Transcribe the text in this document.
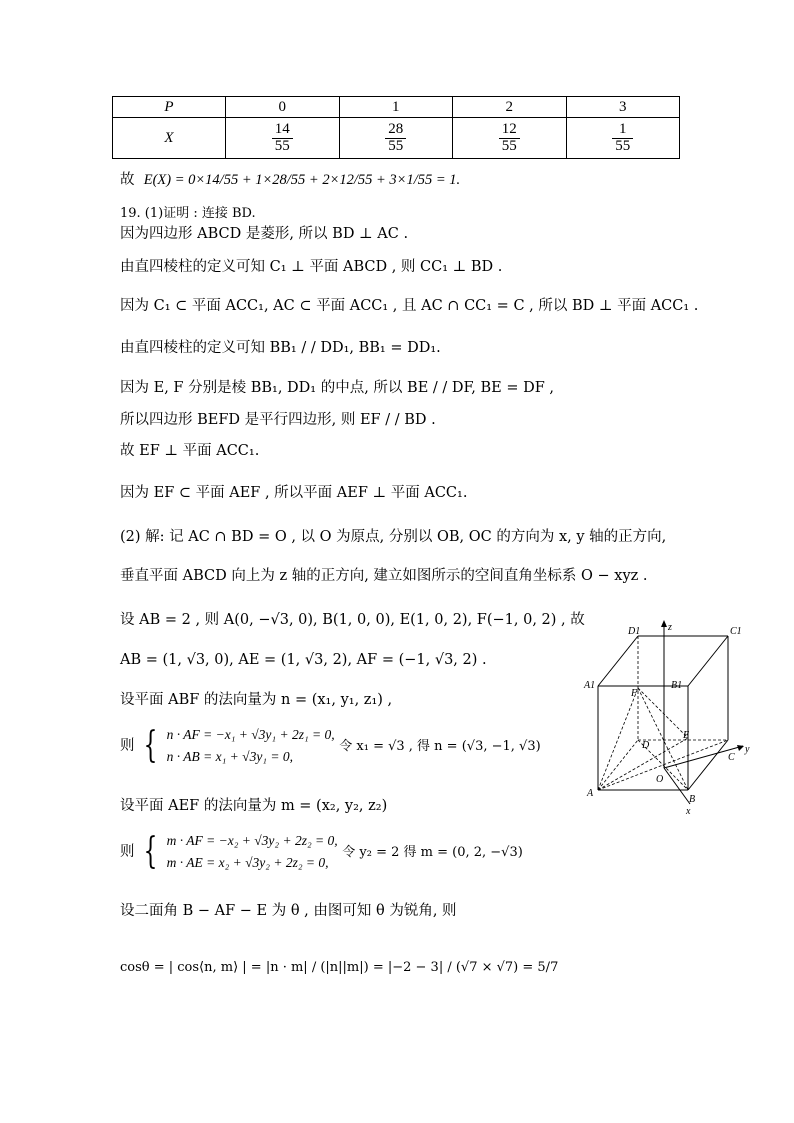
P	0	1	2	3
X	$\frac{14}{55}$	$\frac{28}{55}$	$\frac{12}{55}$	$\frac{1}{55}$
故 E(X) = 0×14/55 + 1×28/55 + 2×12/55 + 3×1/55 = 1.
19. (1)证明 : 连接 BD.
因为四边形 ABCD 是菱形, 所以 BD ⊥ AC .
由直四棱柱的定义可知 C₁ ⊥ 平面 ABCD , 则 CC₁ ⊥ BD .
因为 C₁ ⊂ 平面 ACC₁, AC ⊂ 平面 ACC₁ , 且 AC ∩ CC₁ = C , 所以 BD ⊥ 平面 ACC₁ .
由直四棱柱的定义可知 BB₁ / / DD₁, BB₁ = DD₁.
因为 E, F 分别是棱 BB₁, DD₁ 的中点, 所以 BE / / DF, BE = DF ,
所以四边形 BEFD 是平行四边形, 则 EF / / BD .
故 EF ⊥ 平面 ACC₁.
因为 EF ⊂ 平面 AEF , 所以平面 AEF ⊥ 平面 ACC₁.
(2) 解: 记 AC ∩ BD = O , 以 O 为原点, 分别以 OB, OC 的方向为 x, y 轴的正方向,
垂直平面 ABCD 向上为 z 轴的正方向, 建立如图所示的空间直角坐标系 O − xyz .
设 AB = 2 , 则 A(0, −√3, 0), B(1, 0, 0), E(1, 0, 2), F(−1, 0, 2) , 故
AB = (1, √3, 0), AE = (1, √3, 2), AF = (−1, √3, 2) .
设平面 ABF 的法向量为 n = (x₁, y₁, z₁) ,
则 { n · AF = −x₁ + √3y₁ + 2z₁ = 0,
n · AB = x₁ + √3y₁ = 0, 令 x₁ = √3 , 得 n = (√3, −1, √3)
设平面 AEF 的法向量为 m = (x₂, y₂, z₂)
则 { m · AF = −x₂ + √3y₂ + 2z₂ = 0,
m · AE = x₂ + √3y₂ + 2z₂ = 0, 令 y₂ = 2 得 m = (0, 2, −√3)
设二面角 B − AF − E 为 θ , 由图可知 θ 为锐角, 则
cosθ = | cos⟨n, m⟩ | = |n · m| / (|n||m|) = |−2 − 3| / (√7 × √7) = 5/7
D1	C1
A1	B1
F
E
D
O
C
A
B
z
y
x
